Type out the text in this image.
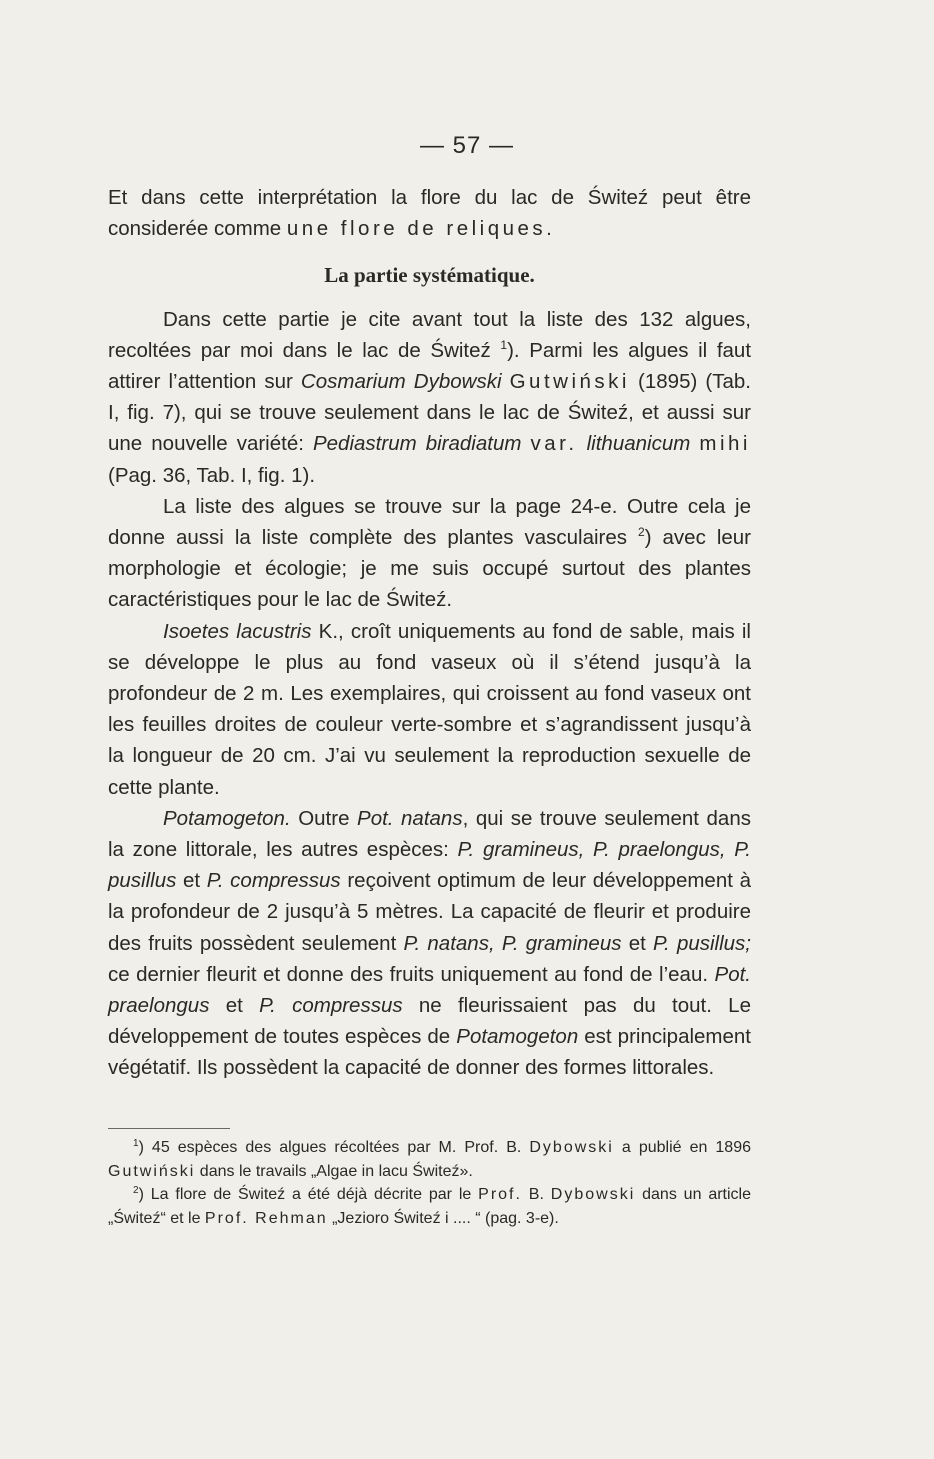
— 57 —

Et dans cette interprétation la flore du lac de Świteź peut être considerée comme une flore de reliques.

La partie systématique.

Dans cette partie je cite avant tout la liste des 132 algues, recoltées par moi dans le lac de Świteź $^1$). Parmi les algues il faut attirer l’attention sur Cosmarium Dybowski Gutwiński (1895) (Tab. I, fig. 7), qui se trouve seulement dans le lac de Świteź, et aussi sur une nouvelle variété: Pediastrum biradiatum var. lithuanicum mihi (Pag. 36, Tab. I, fig. 1).

La liste des algues se trouve sur la page 24-e. Outre cela je donne aussi la liste complète des plantes vasculaires $^2$) avec leur morphologie et écologie; je me suis occupé surtout des plantes caractéristiques pour le lac de Świteź.

Isoetes lacustris K., croît uniquements au fond de sable, mais il se développe le plus au fond vaseux où il s’étend jusqu’à la profondeur de 2 m. Les exemplaires, qui croissent au fond vaseux ont les feuilles droites de couleur verte-sombre et s’agrandissent jusqu’à la longueur de 20 cm. J’ai vu seulement la reproduction sexuelle de cette plante.

Potamogeton. Outre Pot. natans, qui se trouve seulement dans la zone littorale, les autres espèces: P. gramineus, P. praelongus, P. pusillus et P. compressus reçoivent optimum de leur développement à la profondeur de 2 jusqu’à 5 mètres. La capacité de fleurir et produire des fruits possèdent seulement P. natans, P. gramineus et P. pusillus; ce dernier fleurit et donne des fruits uniquement au fond de l’eau. Pot. praelongus et P. compressus ne fleurissaient pas du tout. Le développement de toutes espèces de Potamogeton est principalement végétatif. Ils possèdent la capacité de donner des formes littorales.

$^1$) 45 espèces des algues récoltées par M. Prof. B. Dybowski a publié en 1896 Gutwiński dans le travails „Algae in lacu Świteź».

$^2$) La flore de Świteź a été déjà décrite par le Prof. B. Dybowski dans un article „Świteź“ et le Prof. Rehman „Jezioro Świteź i .... “ (pag. 3-e).
